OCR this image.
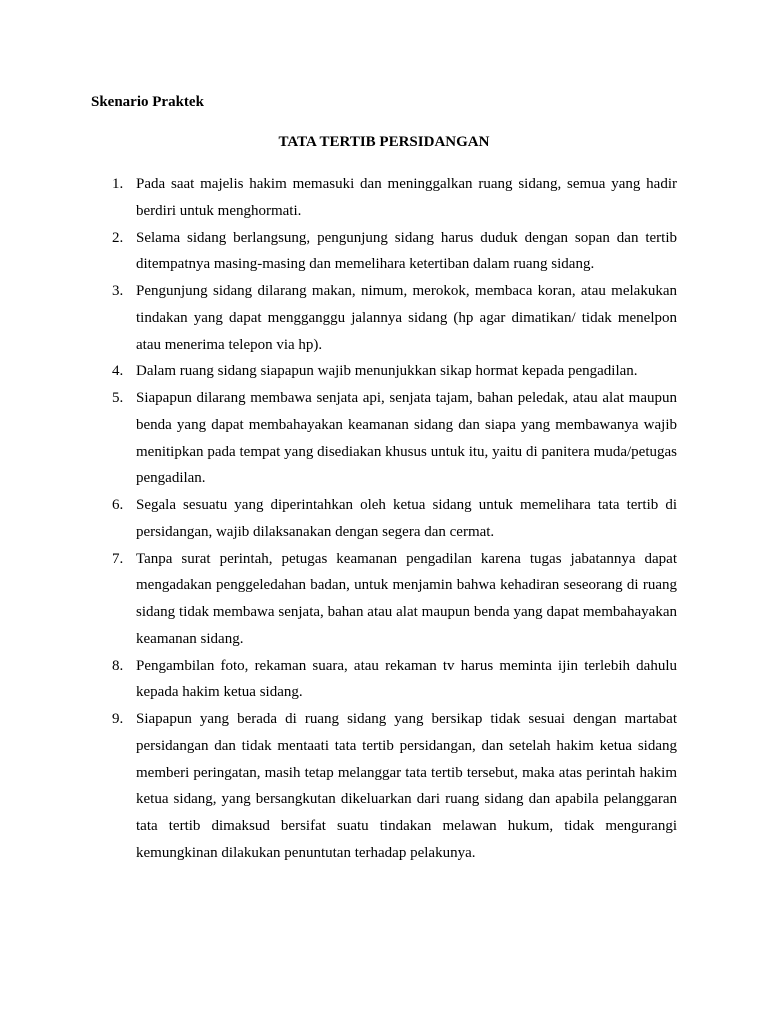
Skenario Praktek

TATA TERTIB PERSIDANGAN

1. Pada saat majelis hakim memasuki dan meninggalkan ruang sidang, semua yang hadir berdiri untuk menghormati.
2. Selama sidang berlangsung, pengunjung sidang harus duduk dengan sopan dan tertib ditempatnya masing-masing dan memelihara ketertiban dalam ruang sidang.
3. Pengunjung sidang dilarang makan, nimum, merokok, membaca koran, atau melakukan tindakan yang dapat mengganggu jalannya sidang (hp agar dimatikan/ tidak menelpon atau menerima telepon via hp).
4. Dalam ruang sidang siapapun wajib menunjukkan sikap hormat kepada pengadilan.
5. Siapapun dilarang membawa senjata api, senjata tajam, bahan peledak, atau alat maupun benda yang dapat membahayakan keamanan sidang dan siapa yang membawanya wajib menitipkan pada tempat yang disediakan khusus untuk itu, yaitu di panitera muda/petugas pengadilan.
6. Segala sesuatu yang diperintahkan oleh ketua sidang untuk memelihara tata tertib di persidangan, wajib dilaksanakan dengan segera dan cermat.
7. Tanpa surat perintah, petugas keamanan pengadilan karena tugas jabatannya dapat mengadakan penggeledahan badan, untuk menjamin bahwa kehadiran seseorang di ruang sidang tidak membawa senjata, bahan atau alat maupun benda yang dapat membahayakan keamanan sidang.
8. Pengambilan foto, rekaman suara, atau rekaman tv harus meminta ijin terlebih dahulu kepada hakim ketua sidang.
9. Siapapun yang berada di ruang sidang yang bersikap tidak sesuai dengan martabat persidangan dan tidak mentaati tata tertib persidangan, dan setelah hakim ketua sidang memberi peringatan, masih tetap melanggar tata tertib tersebut, maka atas perintah hakim ketua sidang, yang bersangkutan dikeluarkan dari ruang sidang dan apabila pelanggaran tata tertib dimaksud bersifat suatu tindakan melawan hukum, tidak mengurangi kemungkinan dilakukan penuntutan terhadap pelakunya.
